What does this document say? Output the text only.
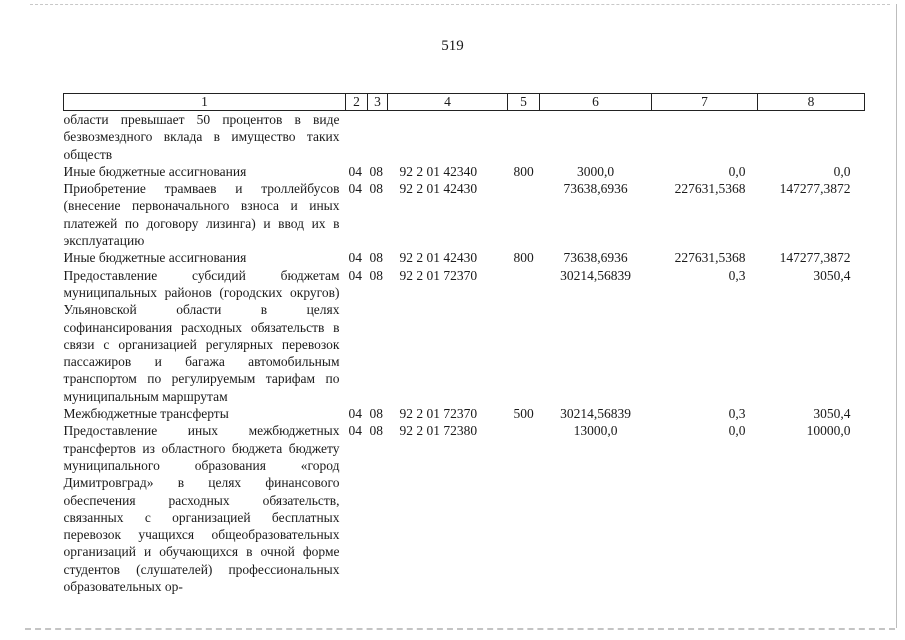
519
1	2	3	4	5	6	7	8
области превышает 50 процентов в виде безвозмездного вклада в имущество таких обществ							
Иные бюджетные ассигнования	04	08	92 2 01 42340	800	3000,0	0,0	0,0
Приобретение трамваев и троллейбусов (внесение первоначального взноса и иных платежей по договору лизинга) и ввод их в эксплуатацию	04	08	92 2 01 42430		73638,6936	227631,5368	147277,3872
Иные бюджетные ассигнования	04	08	92 2 01 42430	800	73638,6936	227631,5368	147277,3872
Предоставление субсидий бюджетам муниципальных районов (городских округов) Ульяновской области в целях софинансирования расходных обязательств в связи с организацией регулярных перевозок пассажиров и багажа автомобильным транспортом по регулируемым тарифам по муниципальным маршрутам	04	08	92 2 01 72370		30214,56839	0,3	3050,4
Межбюджетные трансферты	04	08	92 2 01 72370	500	30214,56839	0,3	3050,4
Предоставление иных межбюджетных трансфертов из областного бюджета бюджету муниципального образования «город Димитровград» в целях финансового обеспечения расходных обязательств, связанных с организацией бесплатных перевозок учащихся общеобразовательных организаций и обучающихся в очной форме студентов (слушателей) профессиональных образовательных ор-	04	08	92 2 01 72380		13000,0	0,0	10000,0
